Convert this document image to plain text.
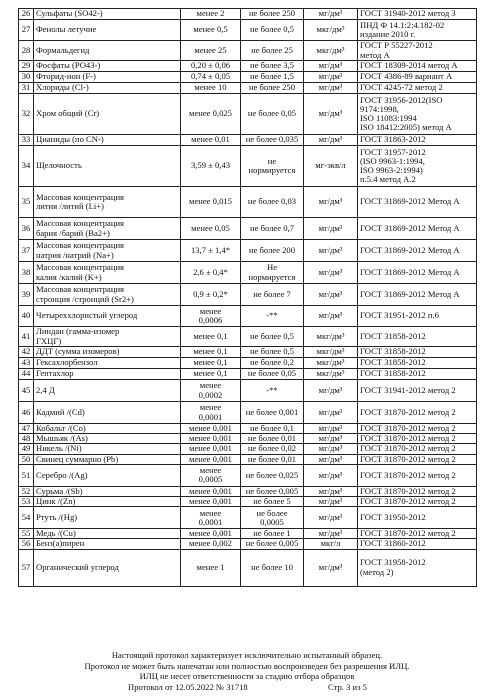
26	Сульфаты (SO42-)	менее 2	не более 250	мг/дм³	ГОСТ 31940-2012 метод 3
27	Фенолы летучие	менее 0,5	не более 0,5	мкг/дм³	ПНД Ф 14.1:2:4.182-02
издание 2010 г.
28	Формальдегид	менее 25	не более 25	мкг/дм³	ГОСТ Р 55227-2012
метод А
29	Фосфаты (PO43-)	0,20 ± 0,06	не более 3,5	мг/дм³	ГОСТ 18309-2014 метод А
30	Фторид-ион (F-)	0,74 ± 0,05	не более 1,5	мг/дм³	ГОСТ 4386-89 вариант А
31	Хлориды (Cl-)	менее 10	не более 250	мг/дм³	ГОСТ 4245-72 метод 2
32	Хром общий (Cr)	менее 0,025	не более 0,05	мг/дм³	ГОСТ 31956-2012(ISO
9174:1998,
ISO 11083:1994
ISO 18412:2005) метод А
33	Цианиды (по CN-)	менее 0,01	не более 0,035	мг/дм³	ГОСТ 31863-2012
34	Щелочность	3,59 ± 0,43	не
нормируется	мг-экв/л	ГОСТ 31957-2012
(ISO 9963-1:1994,
ISO 9963-2:1994)
п.5.4 метод А.2
35	Массовая концентрация
лития /литий (Li+)	менее 0,015	не более 0,03	мг/дм³	ГОСТ 31869-2012 Метод А
36	Массовая концентрация
бария /барий (Ba2+)	менее 0,05	не более 0,7	мг/дм³	ГОСТ 31869-2012 Метод А
37	Массовая концентрация
натрия /натрий (Na+)	13,7 ± 1,4*	не более 200	мг/дм³	ГОСТ 31869-2012 Метод А
38	Массовая концентрация
калия /калий (K+)	2,6 ± 0,4*	Не
нормируется	мг/дм³	ГОСТ 31869-2012 Метод А
39	Массовая концентрация
стронция /стронций (Sr2+)	0,9 ± 0,2*	не более 7	мг/дм³	ГОСТ 31869-2012 Метод А
40	Четыреххлористый углерод	менее
0,0006	-**	мг/дм³	ГОСТ 31951-2012 п.6
41	Линдан (гамма-изомер
ГХЦГ)	менее 0,1	не более 0,5	мкг/дм³	ГОСТ 31858-2012
42	ДДТ (сумма изомеров)	менее 0,1	не более 0,5	мкг/дм³	ГОСТ 31858-2012
43	Гексахлорбензол	менее 0,1	не более 0,2	мкг/дм³	ГОСТ 31858-2012
44	Гептахлор	менее 0,1	не более 0,05	мкг/дм³	ГОСТ 31858-2012
45	2,4 Д	менее
0,0002	-**	мг/дм³	ГОСТ 31941-2012 метод 2
46	Кадмий /(Cd)	менее
0,0001	не более 0,001	мг/дм³	ГОСТ 31870-2012 метод 2
47	Кобальт /(Co)	менее 0,001	не более 0,1	мг/дм³	ГОСТ 31870-2012 метод 2
48	Мышьяк /(As)	менее 0,001	не более 0,01	мг/дм³	ГОСТ 31870-2012 метод 2
49	Никель /(Ni)	менее 0,001	не более 0,02	мг/дм³	ГОСТ 31870-2012 метод 2
50	Свинец суммарно (Pb)	менее 0,001	не более 0,01	мг/дм³	ГОСТ 31870-2012 метод 2
51	Серебро /(Ag)	менее
0,0005	не более 0,025	мг/дм³	ГОСТ 31870-2012 метод 2
52	Сурьма /(Sb)	менее 0,001	не более 0,005	мг/дм³	ГОСТ 31870-2012 метод 2
53	Цинк /(Zn)	менее 0,001	не более 5	мг/дм³	ГОСТ 31870-2012 метод 2
54	Ртуть /(Hg)	менее
0,0001	не более
0,0005	мг/дм³	ГОСТ 31950-2012
55	Медь /(Cu)	менее 0,001	не более 1	мг/дм³	ГОСТ 31870-2012 метод 2
56	Бенз(а)пирен	менее 0,002	не более 0,005	мкг/л	ГОСТ 31860-2012
57	Органический углерод	менее 1	не более 10	мг/дм³	ГОСТ 31958-2012
(метод 2)
Настоящий протокол характеризует исключительно испытанный образец.
Протокол не может быть напечатан или полностью воспроизведен без разрешения ИЛЦ.
ИЛЦ не несет ответственности за стадию отбора образцов
Протокол от 12.05.2022 № 31718	Стр. 3 из 5
